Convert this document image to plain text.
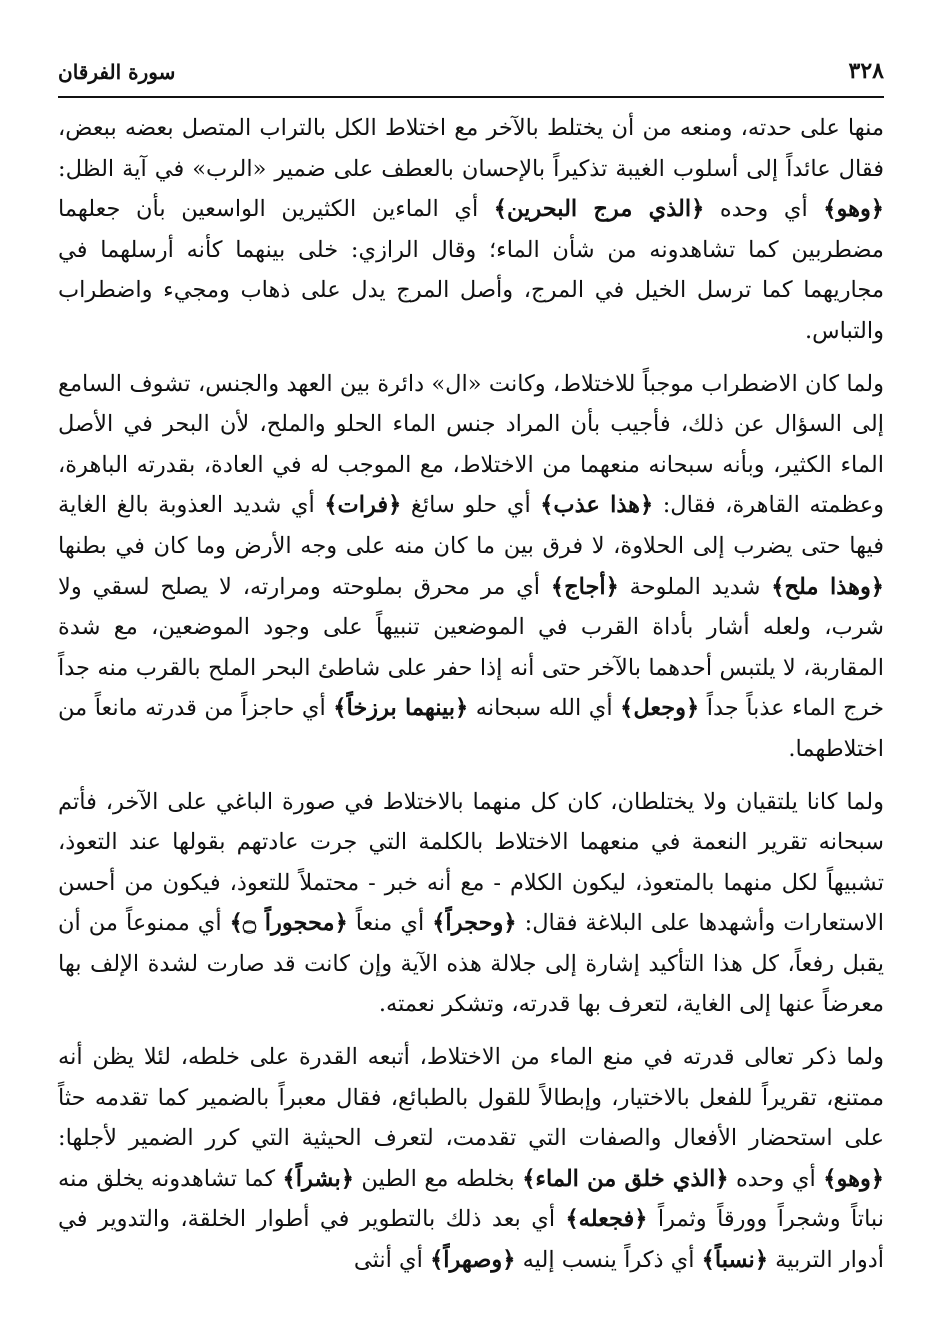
٣٢٨
سورة الفرقان

منها على حدته، ومنعه من أن يختلط بالآخر مع اختلاط الكل بالتراب المتصل بعضه ببعض، فقال عائداً إلى أسلوب الغيبة تذكيراً بالإحسان بالعطف على ضمير «الرب» في آية الظل: ﴿وهو﴾ أي وحده ﴿الذي مرج البحرين﴾ أي الماءين الكثيرين الواسعين بأن جعلهما مضطربين كما تشاهدونه من شأن الماء؛ وقال الرازي: خلى بينهما كأنه أرسلهما في مجاريهما كما ترسل الخيل في المرج، وأصل المرج يدل على ذهاب ومجيء واضطراب والتباس.

ولما كان الاضطراب موجباً للاختلاط، وكانت «ال» دائرة بين العهد والجنس، تشوف السامع إلى السؤال عن ذلك، فأجيب بأن المراد جنس الماء الحلو والملح، لأن البحر في الأصل الماء الكثير، وبأنه سبحانه منعهما من الاختلاط، مع الموجب له في العادة، بقدرته الباهرة، وعظمته القاهرة، فقال: ﴿هذا عذب﴾ أي حلو سائغ ﴿فرات﴾ أي شديد العذوبة بالغ الغاية فيها حتى يضرب إلى الحلاوة، لا فرق بين ما كان منه على وجه الأرض وما كان في بطنها ﴿وهذا ملح﴾ شديد الملوحة ﴿أجاج﴾ أي مر محرق بملوحته ومرارته، لا يصلح لسقي ولا شرب، ولعله أشار بأداة القرب في الموضعين تنبيهاً على وجود الموضعين، مع شدة المقاربة، لا يلتبس أحدهما بالآخر حتى أنه إذا حفر على شاطئ البحر الملح بالقرب منه جداً خرج الماء عذباً جداً ﴿وجعل﴾ أي الله سبحانه ﴿بينهما برزخاً﴾ أي حاجزاً من قدرته مانعاً من اختلاطهما.

ولما كانا يلتقيان ولا يختلطان، كان كل منهما بالاختلاط في صورة الباغي على الآخر، فأتم سبحانه تقرير النعمة في منعهما الاختلاط بالكلمة التي جرت عادتهم بقولها عند التعوذ، تشبيهاً لكل منهما بالمتعوذ، ليكون الكلام - مع أنه خبر - محتملاً للتعوذ، فيكون من أحسن الاستعارات وأشهدها على البلاغة فقال: ﴿وحجراً﴾ أي منعاً ﴿محجوراً ۝﴾ أي ممنوعاً من أن يقبل رفعاً، كل هذا التأكيد إشارة إلى جلالة هذه الآية وإن كانت قد صارت لشدة الإلف بها معرضاً عنها إلى الغاية، لتعرف بها قدرته، وتشكر نعمته.

ولما ذكر تعالى قدرته في منع الماء من الاختلاط، أتبعه القدرة على خلطه، لئلا يظن أنه ممتنع، تقريراً للفعل بالاختيار، وإبطالاً للقول بالطبائع، فقال معبراً بالضمير كما تقدمه حثاً على استحضار الأفعال والصفات التي تقدمت، لتعرف الحيثية التي كرر الضمير لأجلها: ﴿وهو﴾ أي وحده ﴿الذي خلق من الماء﴾ بخلطه مع الطين ﴿بشراً﴾ كما تشاهدونه يخلق منه نباتاً وشجراً وورقاً وثمراً ﴿فجعله﴾ أي بعد ذلك بالتطوير في أطوار الخلقة، والتدوير في أدوار التربية ﴿نسباً﴾ أي ذكراً ينسب إليه ﴿وصهراً﴾ أي أنثى
